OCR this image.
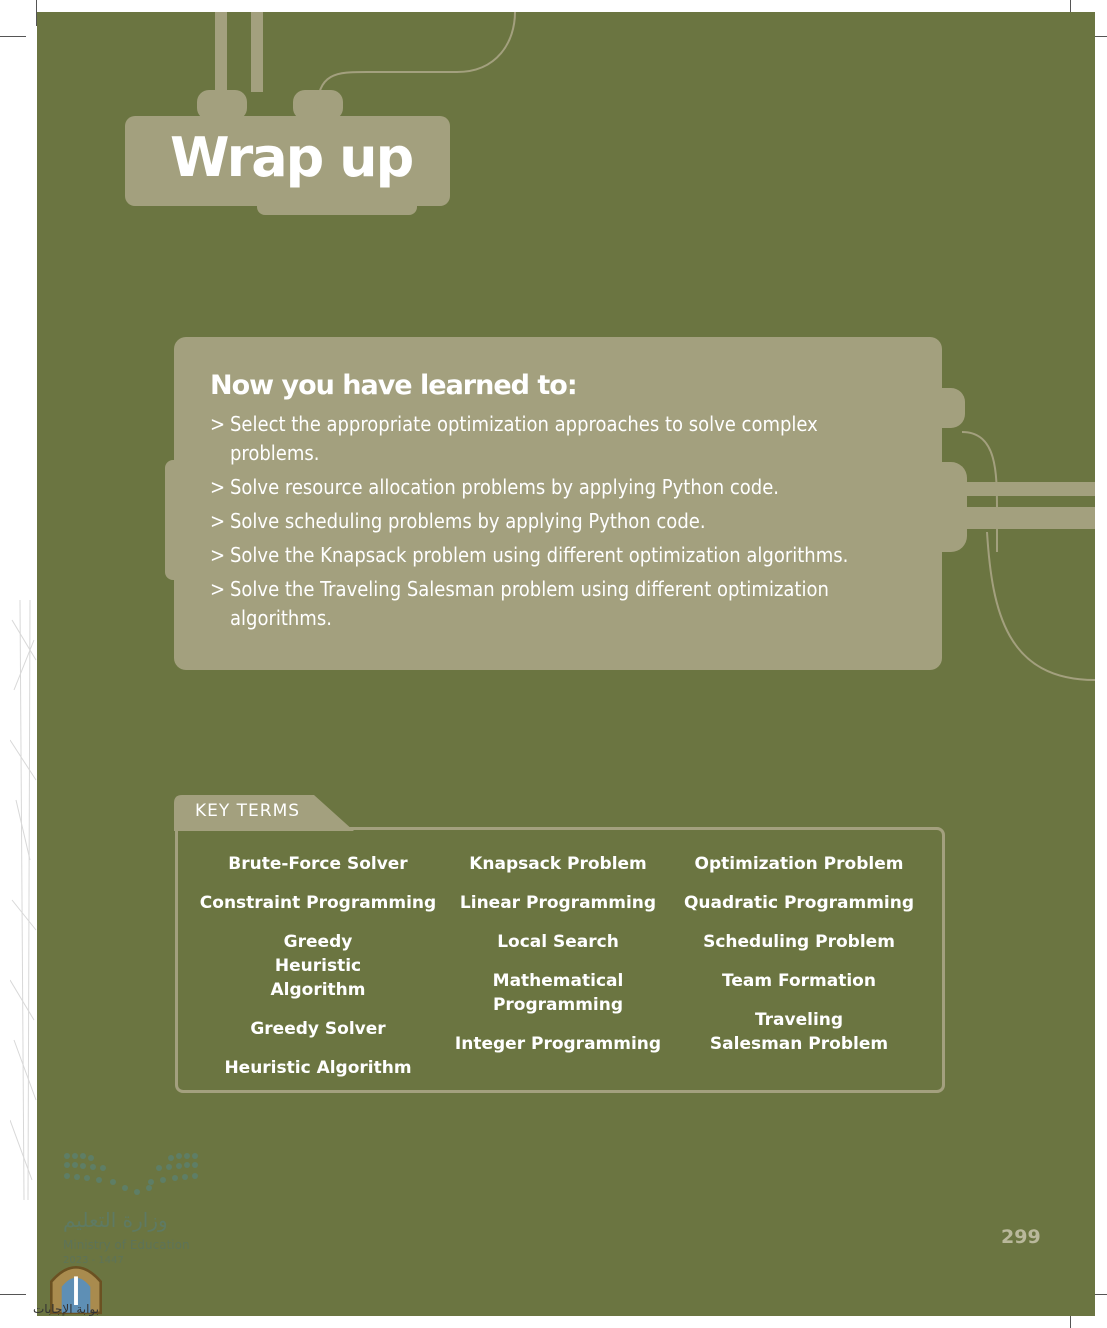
Wrap up
Now you have learned to:
> Select the appropriate optimization approaches to solve complex problems.
> Solve resource allocation problems by applying Python code.
> Solve scheduling problems by applying Python code.
> Solve the Knapsack problem using different optimization algorithms.
> Solve the Traveling Salesman problem using different optimization algorithms.
KEY TERMS
Brute-Force Solver
Constraint Programming
Greedy Heuristic Algorithm
Greedy Solver
Heuristic Algorithm
Knapsack Problem
Linear Programming
Local Search
Mathematical Programming
Integer Programming
Optimization Problem
Quadratic Programming
Scheduling Problem
Team Formation
Traveling Salesman Problem
299
وزارة التعليم
Ministry of Education
2023 - 1447
بوابة الإجابات
